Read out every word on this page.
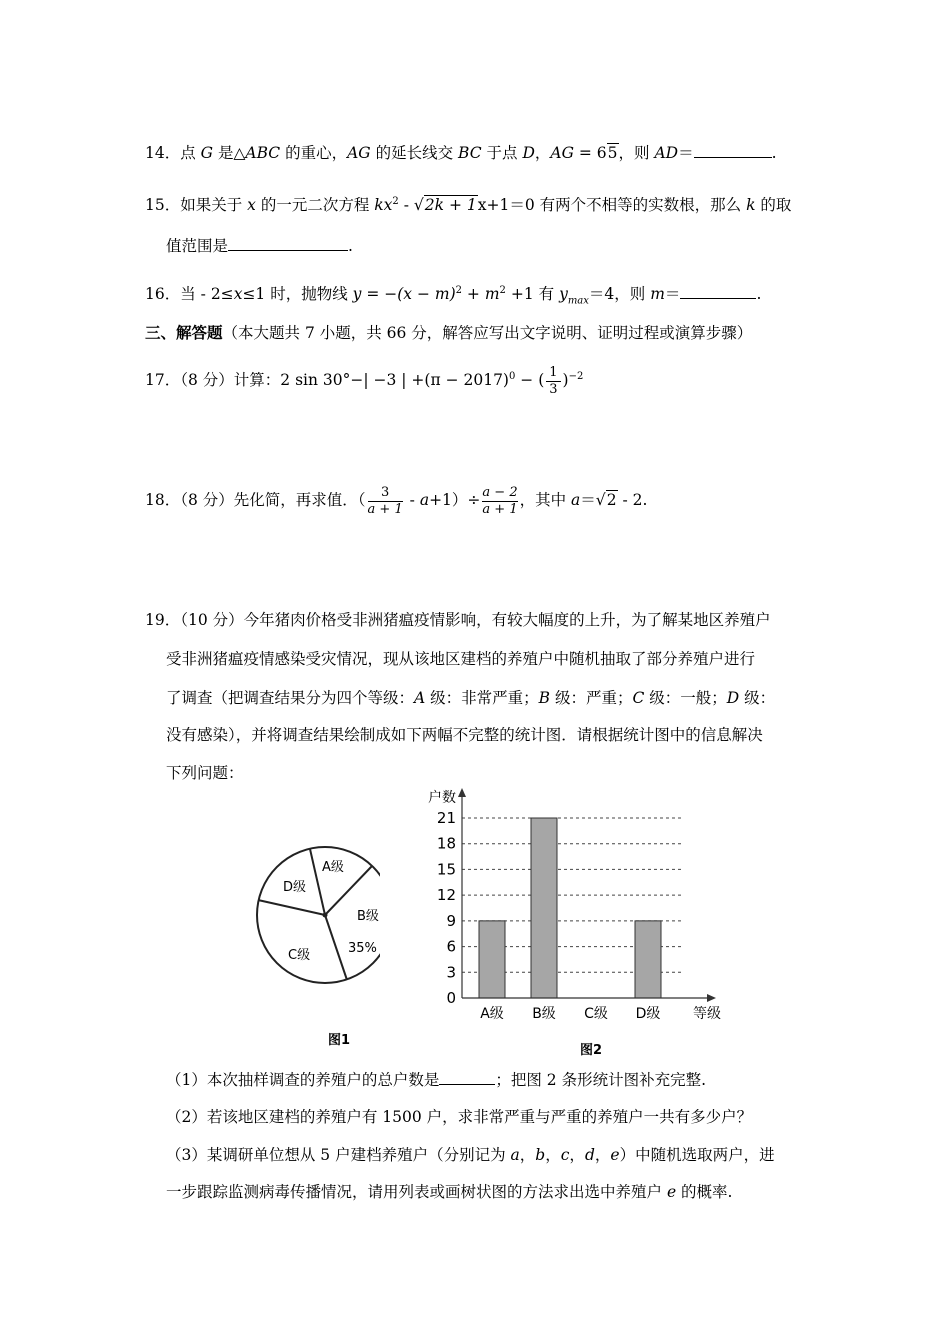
14．点 G 是△ABC 的重心，AG 的延长线交 BC 于点 D，AG = 65，则 AD＝	.
15．如果关于 x 的一元二次方程 $kx^2 - √2k + 1x+1=0$ 有两个不相等的实数根，那么 k 的取
值范围是	.
16．当 - 2≤x≤1 时，抛物线 $y = -(x - m)^2 + m^2 +1$ 有 $y_{max}=4$，则 m＝	.
三、解答题（本大题共 7 小题，共 66 分，解答应写出文字说明、证明过程或演算步骤）
17．（8 分）计算：2 sin 30°−| −3 | $+(\pi - 2017)^0$ − ( $\frac{1}{3} )^{-2}$
18．（8 分）先化简，再求值．（ $\frac{3}{a + 1} - a+1)\div \frac{a - 2}{a + 1}$ ，其中 a＝√2 - 2.
19．（10 分）今年猪肉价格受非洲猪瘟疫情影响，有较大幅度的上升，为了解某地区养殖户
受非洲猪瘟疫情感染受灾情况，现从该地区建档的养殖户中随机抽取了部分养殖户进行
了调查（把调查结果分为四个等级：A 级：非常严重；B 级：严重；C 级：一般；D 级：
没有感染），并将调查结果绘制成如下两幅不完整的统计图．请根据统计图中的信息解决
下列问题：
A级
D级
B级
35%
C级
图1
0
3
6
9
12
15
18
21
A级 B级 C级 D级
户数
等级
图2
（1）本次抽样调查的养殖户的总户数是	；把图 2 条形统计图补充完整.
（2）若该地区建档的养殖户有 1500 户，求非常严重与严重的养殖户一共有多少户？
（3）某调研单位想从 5 户建档养殖户（分别记为 a，b，c，d，e）中随机选取两户，进
一步跟踪监测病毒传播情况，请用列表或画树状图的方法求出选中养殖户 e 的概率.
